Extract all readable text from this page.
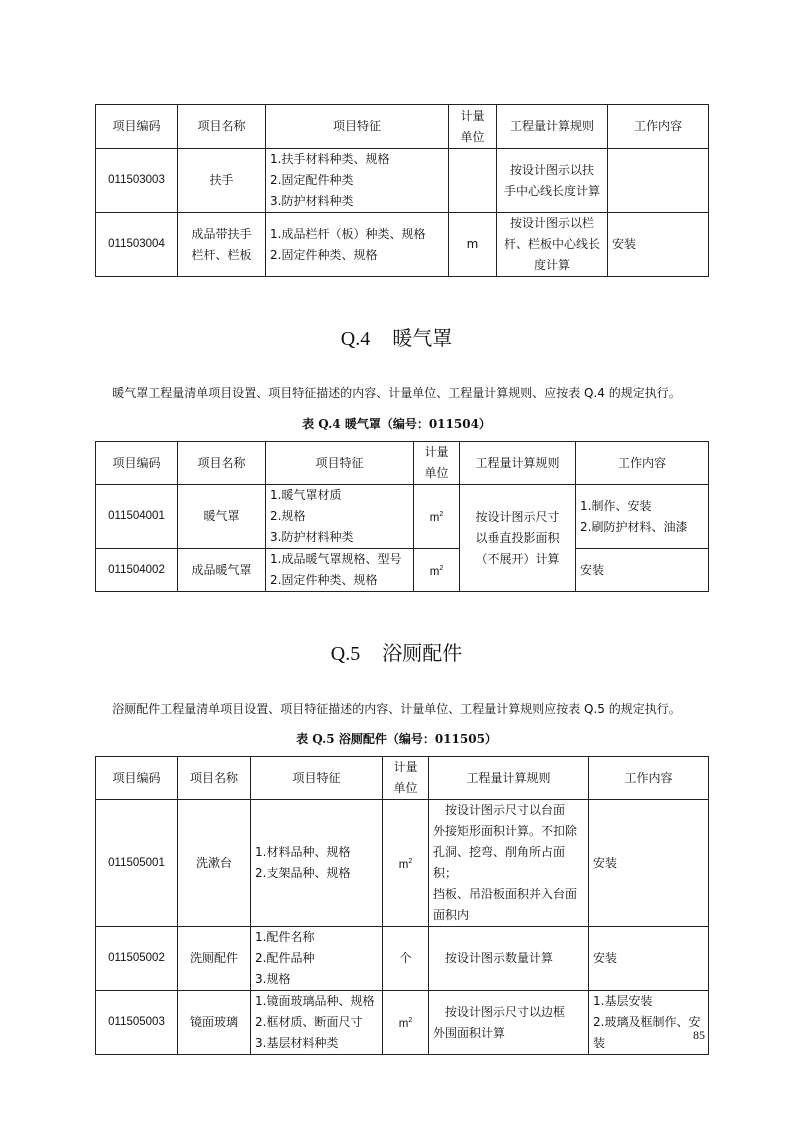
项目编码	项目名称	项目特征	计量
单位	工程量计算规则	工作内容
011503003	扶手	1.扶手材料种类、规格
2.固定配件种类
3.防护材料种类		按设计图示以扶
手中心线长度计算	

011503004	成品带扶手
栏杆、栏板	1.成品栏杆（板）种类、规格
2.固定件种类、规格	m	按设计图示以栏
杆、栏板中心线长
度计算	安装
Q.4 暖气罩
暖气罩工程量清单项目设置、项目特征描述的内容、计量单位、工程量计算规则、应按表 Q.4 的规定执行。
表 Q.4 暖气罩（编号：011504）
项目编码	项目名称	项目特征	计量
单位	工程量计算规则	工作内容
011504001	暖气罩	1.暖气罩材质
2.规格
3.防护材料种类	$m^2$	按设计图示尺寸
以垂直投影面积
（不展开）计算	1.制作、安装
2.刷防护材料、油漆

011504002	成品暖气罩	1.成品暖气罩规格、型号
2.固定件种类、规格	$m^2$		安装
Q.5 浴厕配件
浴厕配件工程量清单项目设置、项目特征描述的内容、计量单位、工程量计算规则应按表 Q.5 的规定执行。
表 Q.5 浴厕配件（编号：011505）
项目编码	项目名称	项目特征	计量
单位	工程量计算规则	工作内容
011505001	洗漱台	1.材料品种、规格
2.支架品种、规格	$m^2$	按设计图示尺寸以台面
外接矩形面积计算。不扣除
孔洞、挖弯、削角所占面积；
挡板、吊沿板面积并入台面
面积内	安装
011505002	洗厕配件	1.配件名称
2.配件品种
3.规格	个	按设计图示数量计算	安装
011505003	镜面玻璃	1.镜面玻璃品种、规格
2.框材质、断面尺寸
3.基层材料种类	$m^2$	按设计图示尺寸以边框
外围面积计算	1.基层安装
2.玻璃及框制作、安
装
85
